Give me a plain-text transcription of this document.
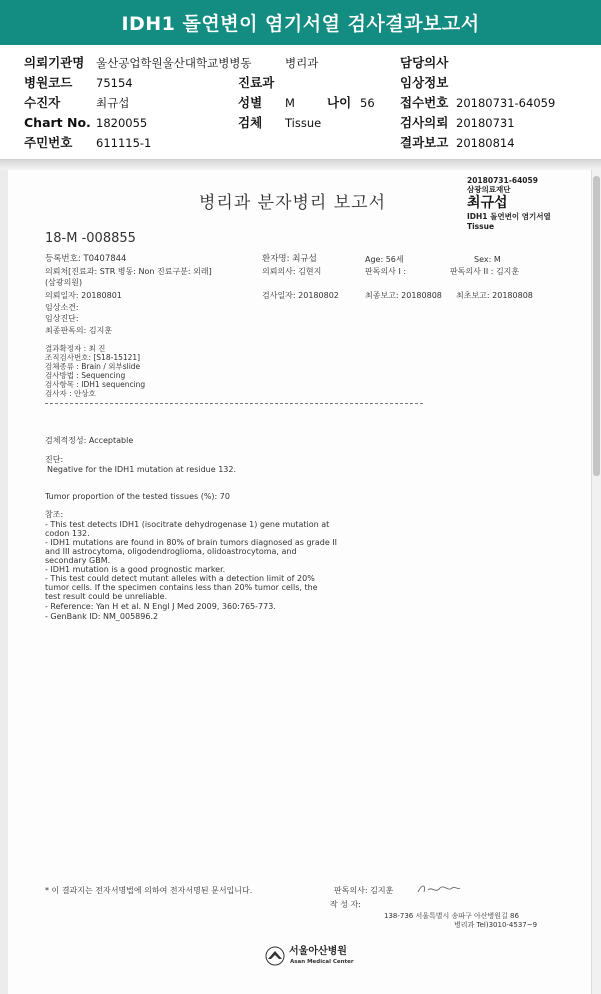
IDH1 돌연변이 염기서열 검사결과보고서
의뢰기관명 울산공업학원울산대학교병병동	병리과	담당의사
병원코드 75154	진료과	임상정보
수진자	최규섭	성별 M	나이 56 접수번호 20180731-64059
Chart No. 1820055	검체 Tissue	검사의뢰 20180731
주민번호 611115-1	결과보고 20180814
20180731-64059
삼광의료재단
최규섭
IDH1 돌연변이 염기서열
Tissue
병리과 분자병리 보고서
18-M -008855
등록번호: T0407844	환자명: 최규섭	Age: 56세	Sex: M
의뢰처[진료과: STR 병동: Non 진료구분: 외래]	의뢰의사: 김현지	판독의사 I :	판독의사 II : 김지훈
(삼광의원)
의뢰일자: 20180801	검사일자: 20180802	최종보고: 20180808 최초보고: 20180808
임상소견:
임상진단:
최종판독의: 김지훈
결과확정자 : 최 진
조직검사번호: [S18-15121]
검체종류 : Brain / 외부slide
검사방법 : Sequencing
검사항목 : IDH1 sequencing
검사자 : 안상호
검체적정성: Acceptable
진단:
Negative for the IDH1 mutation at residue 132.
Tumor proportion of the tested tissues (%): 70
참조:
- This test detects IDH1 (isocitrate dehydrogenase 1) gene mutation at
codon 132.
- IDH1 mutations are found in 80% of brain tumors diagnosed as grade II
and III astrocytoma, oligodendroglioma, olidoastrocytoma, and
secondary GBM.
- IDH1 mutation is a good prognostic marker.
- This test could detect mutant alleles with a detection limit of 20%
tumor cells. If the specimen contains less than 20% tumor cells, the
test result could be unreliable.
- Reference: Yan H et al. N Engl J Med 2009, 360:765-773.
- GenBank ID: NM_005896.2
* 이 결과지는 전자서명법에 의하여 전자서명된 문서입니다.	판독의사: 김지훈
작 성 자:
138-736 서울특별시 송파구 아산병원길 86
병리과 Tel)3010-4537~9
서울아산병원
Asan Medical Center
